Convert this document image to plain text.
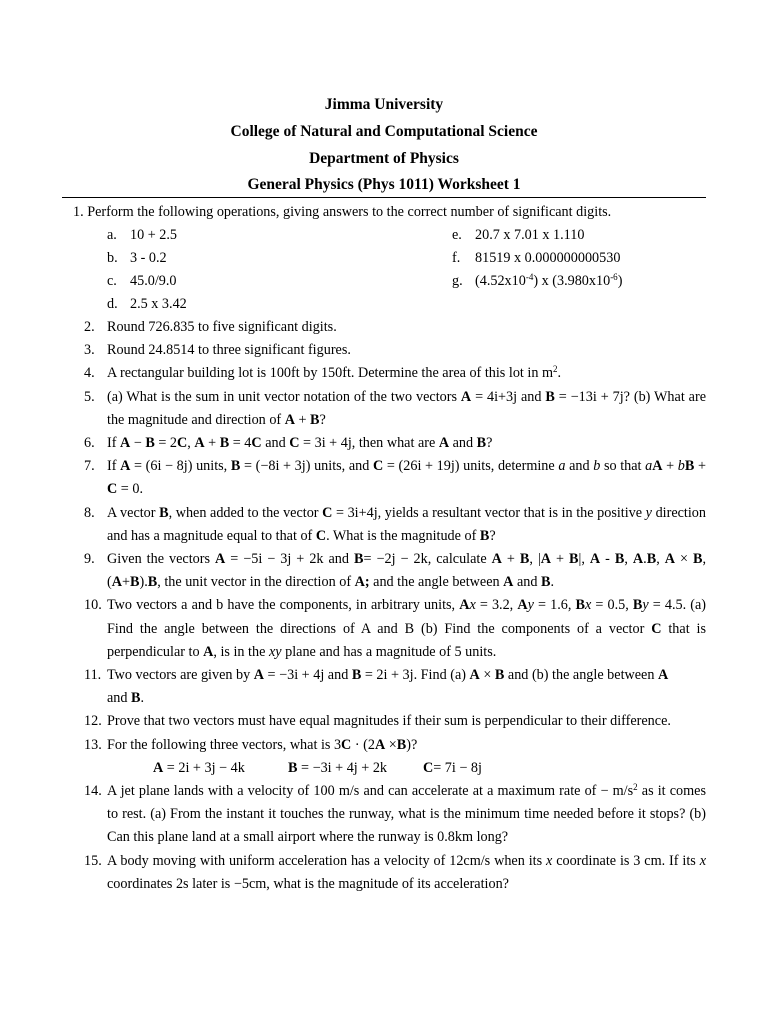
Jimma University
College of Natural and Computational Science
Department of Physics
General Physics (Phys 1011) Worksheet 1
1. Perform the following operations, giving answers to the correct number of significant digits.
a. 10 + 2.5
b. 3 - 0.2
c. 45.0/9.0
d. 2.5 x 3.42
e. 20.7 x 7.01 x 1.110
f. 81519 x 0.000000000530
g. $(4.52x10^{-4})$ x $(3.980x10^{-6})$
2. Round 726.835 to five significant digits.
3. Round 24.8514 to three significant figures.
4. A rectangular building lot is 100ft by 150ft. Determine the area of this lot in $m^2$.
5. (a) What is the sum in unit vector notation of the two vectors A = 4i+3j and B = −13i + 7j? (b) What are the magnitude and direction of A + B?
6. If A − B = 2C, A + B = 4C and C = 3i + 4j, then what are A and B?
7. If A = (6i − 8j) units, B = (−8i + 3j) units, and C = (26i + 19j) units, determine a and b so that aA + bB + C = 0.
8. A vector B, when added to the vector C = 3i+4j, yields a resultant vector that is in the positive y direction and has a magnitude equal to that of C. What is the magnitude of B?
9. Given the vectors A = −5i − 3j + 2k and B= −2j − 2k, calculate A + B, |A + B|, A - B, A.B, A × B, (A+B).B, the unit vector in the direction of A; and the angle between A and B.
10. Two vectors a and b have the components, in arbitrary units, Ax = 3.2, Ay = 1.6, Bx = 0.5, By = 4.5. (a) Find the angle between the directions of A and B (b) Find the components of a vector C that is perpendicular to A, is in the xy plane and has a magnitude of 5 units.
11. Two vectors are given by A = −3i + 4j and B = 2i + 3j. Find (a) A × B and (b) the angle between A
and B.
12. Prove that two vectors must have equal magnitudes if their sum is perpendicular to their difference.
13. For the following three vectors, what is 3C · (2A ×B)?
A = 2i + 3j − 4k	B = −3i + 4j + 2k	C= 7i − 8j
14. A jet plane lands with a velocity of 100 m/s and can accelerate at a maximum rate of − $m/s^2$ as it comes to rest. (a) From the instant it touches the runway, what is the minimum time needed before it stops? (b) Can this plane land at a small airport where the runway is 0.8km long?
15. A body moving with uniform acceleration has a velocity of 12cm/s when its x coordinate is 3 cm. If its x coordinates 2s later is −5cm, what is the magnitude of its acceleration?
